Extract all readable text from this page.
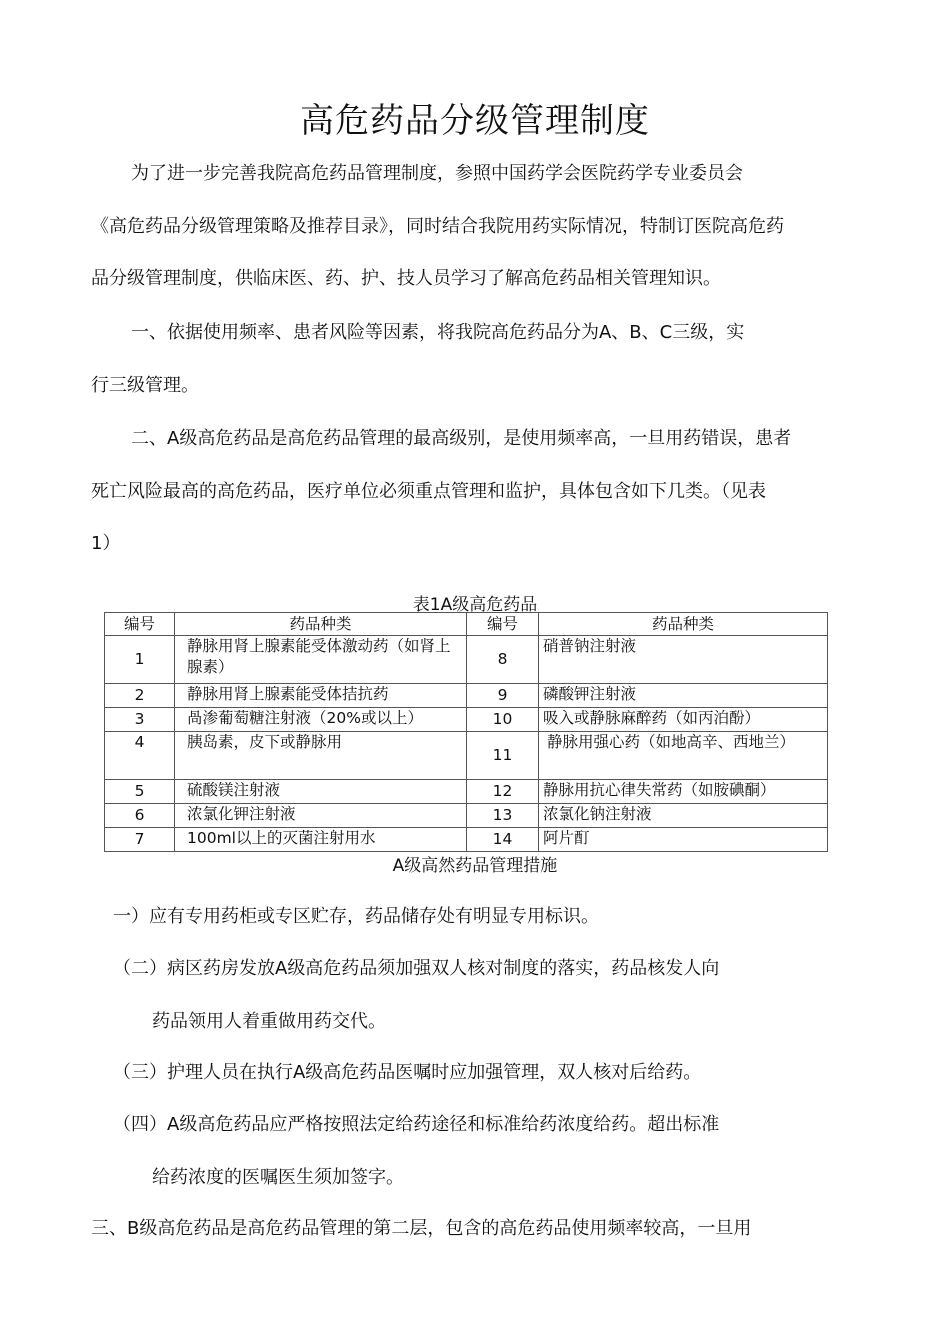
高危药品分级管理制度
为了进一步完善我院高危药品管理制度，参照中国药学会医院药学专业委员会
《高危药品分级管理策略及推荐目录》，同时结合我院用药实际情况，特制订医院高危药
品分级管理制度，供临床医、药、护、技人员学习了解高危药品相关管理知识。
一、依据使用频率、患者风险等因素，将我院高危药品分为A、B、C三级，实
行三级管理。
二、A级高危药品是高危药品管理的最高级别，是使用频率高，一旦用药错误，患者
死亡风险最高的高危药品，医疗单位必须重点管理和监护，具体包含如下几类。（见表
1）
表1A级高危药品
编号	药品种类	编号	药品种类
1	静脉用肾上腺素能受体激动药（如肾上腺素）	8	硝普钠注射液
2	静脉用肾上腺素能受体拮抗药	9	磷酸钾注射液
3	咼渗葡萄糖注射液（20%或以上）	10	吸入或静脉麻醉药（如丙泊酚）
4	胰岛素，皮下或静脉用	11	静脉用强心药（如地高辛、西地兰）
5	硫酸镁注射液	12	静脉用抗心律失常药（如胺碘酮）
6	浓氯化钾注射液	13	浓氯化钠注射液
7	100ml以上的灭菌注射用水	14	阿片酊
A级高然药品管理措施
一）应有专用药柜或专区贮存，药品储存处有明显专用标识。
（二）病区药房发放A级高危药品须加强双人核对制度的落实，药品核发人向
药品领用人着重做用药交代。
（三）护理人员在执行A级高危药品医嘱时应加强管理，双人核对后给药。
（四）A级高危药品应严格按照法定给药途径和标准给药浓度给药。超出标准
给药浓度的医嘱医生须加签字。
三、B级高危药品是高危药品管理的第二层，包含的高危药品使用频率较高，一旦用
